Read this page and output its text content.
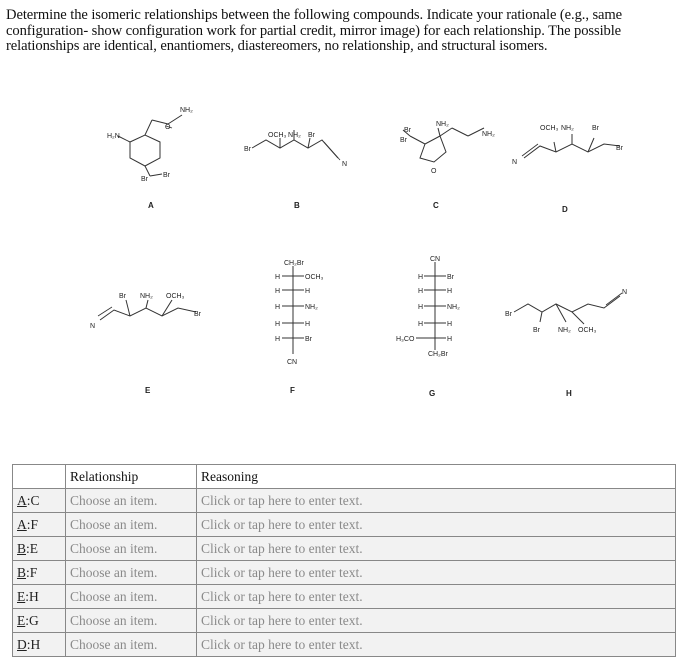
Determine the isomeric relationships between the following compounds. Indicate your rationale (e.g., same configuration- show configuration work for partial credit, mirror image) for each relationship. The possible relationships are identical, enantiomers, diastereomers, no relationship, and structural isomers.
NH₂
H₂N
O
Br
Br
A
OCH₃ NH₂ Br
Br
N
B
Br
NH₂
Br
O
C
NH₂
OCH₃ NH₂	Br
Br
N
D
Br NH₂ OCH₃
Br
N
E
CH₂Br
H	OCH₃
H	H
H	NH₂
H	H
H	Br
CN
F
CN
H	Br
H	H
H	NH₂
H	H
H₃CO	H
CH₂Br
G
Br
Br	NH₂ OCH₃
N
H
	Relationship	Reasoning
A:C	Choose an item.	Click or tap here to enter text.
A:F	Choose an item.	Click or tap here to enter text.
B:E	Choose an item.	Click or tap here to enter text.
B:F	Choose an item.	Click or tap here to enter text.
E:H	Choose an item.	Click or tap here to enter text.
E:G	Choose an item.	Click or tap here to enter text.
D:H	Choose an item.	Click or tap here to enter text.
